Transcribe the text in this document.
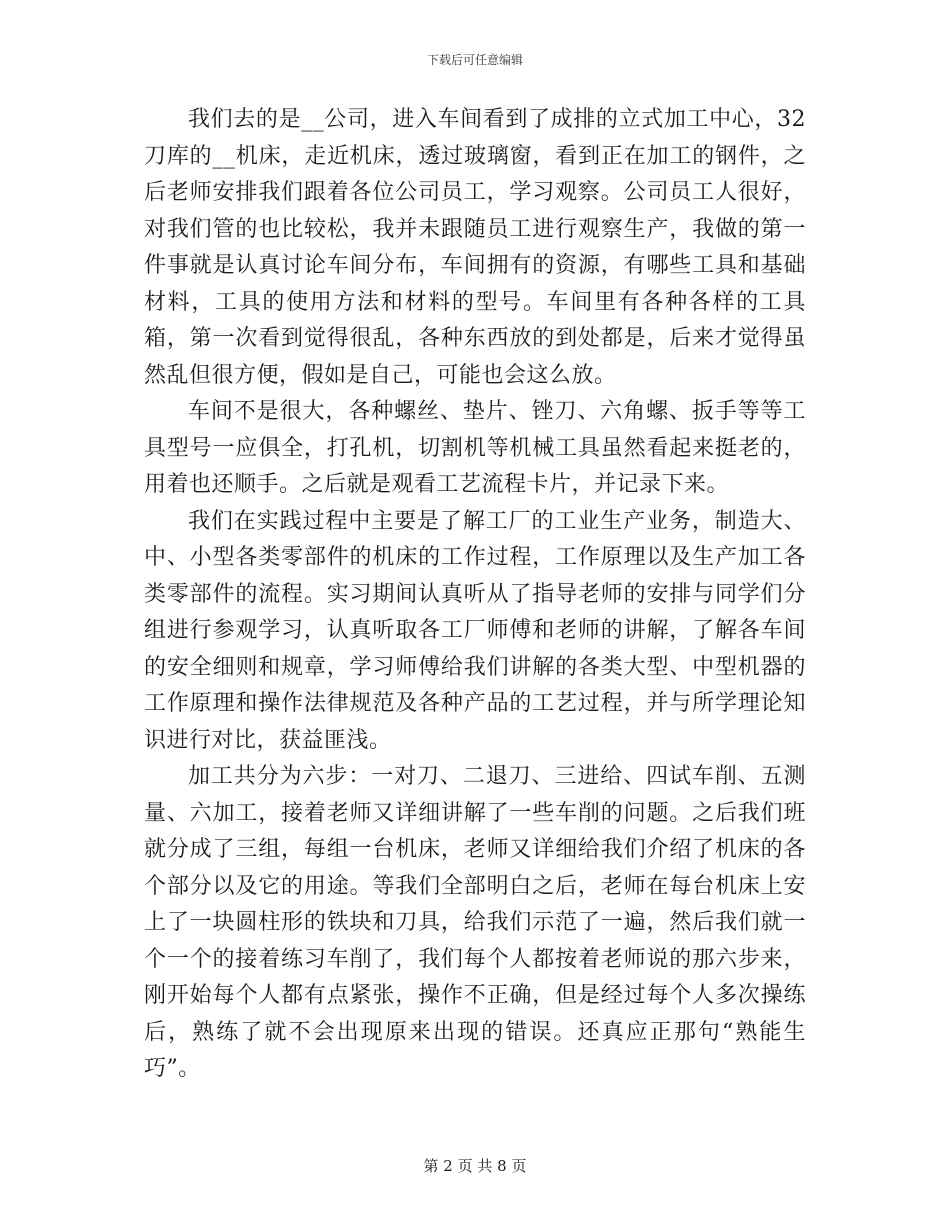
下载后可任意编辑

我们去的是__公司，进入车间看到了成排的立式加工中心，32刀库的__机床，走近机床，透过玻璃窗，看到正在加工的钢件，之后老师安排我们跟着各位公司员工，学习观察。公司员工人很好，对我们管的也比较松，我并未跟随员工进行观察生产，我做的第一件事就是认真讨论车间分布，车间拥有的资源，有哪些工具和基础材料，工具的使用方法和材料的型号。车间里有各种各样的工具箱，第一次看到觉得很乱，各种东西放的到处都是，后来才觉得虽然乱但很方便，假如是自己，可能也会这么放。

车间不是很大，各种螺丝、垫片、锉刀、六角螺、扳手等等工具型号一应俱全，打孔机，切割机等机械工具虽然看起来挺老的，用着也还顺手。之后就是观看工艺流程卡片，并记录下来。

我们在实践过程中主要是了解工厂的工业生产业务，制造大、中、小型各类零部件的机床的工作过程，工作原理以及生产加工各类零部件的流程。实习期间认真听从了指导老师的安排与同学们分组进行参观学习，认真听取各工厂师傅和老师的讲解，了解各车间的安全细则和规章，学习师傅给我们讲解的各类大型、中型机器的工作原理和操作法律规范及各种产品的工艺过程，并与所学理论知识进行对比，获益匪浅。

加工共分为六步：一对刀、二退刀、三进给、四试车削、五测量、六加工，接着老师又详细讲解了一些车削的问题。之后我们班就分成了三组，每组一台机床，老师又详细给我们介绍了机床的各个部分以及它的用途。等我们全部明白之后，老师在每台机床上安上了一块圆柱形的铁块和刀具，给我们示范了一遍，然后我们就一个一个的接着练习车削了，我们每个人都按着老师说的那六步来，刚开始每个人都有点紧张，操作不正确，但是经过每个人多次操练后，熟练了就不会出现原来出现的错误。还真应正那句“熟能生巧”。

第 2 页 共 8 页
